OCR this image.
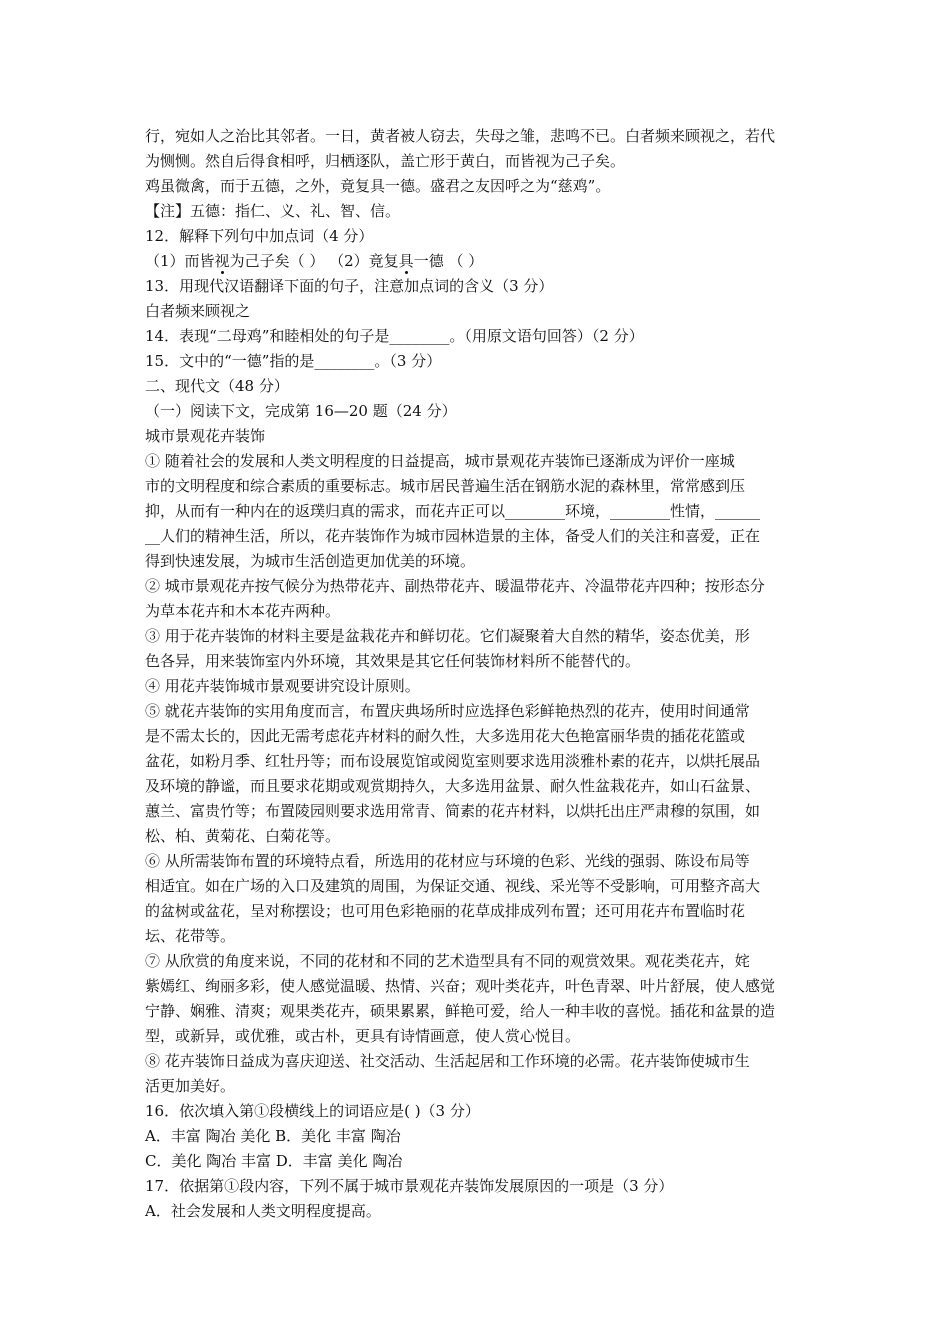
行，宛如人之治比其邻者。一日，黄者被人窃去，失母之雏，悲鸣不已。白者频来顾视之，若代
为恻恻。然自后得食相呼，归栖逐队，盖亡形于黄白，而皆视为己子矣。
鸡虽微禽，而于五德，之外，竟复具一德。盛君之友因呼之为“慈鸡”。
【注】五德：指仁、义、礼、智、信。
12．解释下列句中加点词（4 分）
（1）而皆视为己子矣（ ） （2）竟复具一德 （ ）
13．用现代汉语翻译下面的句子，注意加点词的含义（3 分）
白者频来顾视之
14．表现“二母鸡”和睦相处的句子是________。（用原文语句回答）（2 分）
15．文中的“一德”指的是________。（3 分）
二、现代文（48 分）
（一）阅读下文，完成第 16—20 题（24 分）
城市景观花卉装饰
① 随着社会的发展和人类文明程度的日益提高，城市景观花卉装饰已逐渐成为评价一座城
市的文明程度和综合素质的重要标志。城市居民普遍生活在钢筋水泥的森林里，常常感到压
抑，从而有一种内在的返璞归真的需求，而花卉正可以________环境，________性情，______
__人们的精神生活，所以，花卉装饰作为城市园林造景的主体，备受人们的关注和喜爱，正在
得到快速发展，为城市生活创造更加优美的环境。
② 城市景观花卉按气候分为热带花卉、副热带花卉、暖温带花卉、冷温带花卉四种；按形态分
为草本花卉和木本花卉两种。
③ 用于花卉装饰的材料主要是盆栽花卉和鲜切花。它们凝聚着大自然的精华，姿态优美，形
色各异，用来装饰室内外环境，其效果是其它任何装饰材料所不能替代的。
④ 用花卉装饰城市景观要讲究设计原则。
⑤ 就花卉装饰的实用角度而言，布置庆典场所时应选择色彩鲜艳热烈的花卉，使用时间通常
是不需太长的，因此无需考虑花卉材料的耐久性，大多选用花大色艳富丽华贵的插花花篮或
盆花，如粉月季、红牡丹等；而布设展览馆或阅览室则要求选用淡雅朴素的花卉，以烘托展品
及环境的静谧，而且要求花期或观赏期持久，大多选用盆景、耐久性盆栽花卉，如山石盆景、
蕙兰、富贵竹等；布置陵园则要求选用常青、简素的花卉材料，以烘托出庄严肃穆的氛围，如
松、柏、黄菊花、白菊花等。
⑥ 从所需装饰布置的环境特点看，所选用的花材应与环境的色彩、光线的强弱、陈设布局等
相适宜。如在广场的入口及建筑的周围，为保证交通、视线、采光等不受影响，可用整齐高大
的盆树或盆花，呈对称摆设；也可用色彩艳丽的花草成排成列布置；还可用花卉布置临时花
坛、花带等。
⑦ 从欣赏的角度来说，不同的花材和不同的艺术造型具有不同的观赏效果。观花类花卉，姹
紫嫣红、绚丽多彩，使人感觉温暖、热情、兴奋；观叶类花卉，叶色青翠、叶片舒展，使人感觉
宁静、娴雅、清爽；观果类花卉，硕果累累，鲜艳可爱，给人一种丰收的喜悦。插花和盆景的造
型，或新异，或优雅，或古朴，更具有诗情画意，使人赏心悦目。
⑧ 花卉装饰日益成为喜庆迎送、社交活动、生活起居和工作环境的必需。花卉装饰使城市生
活更加美好。
16．依次填入第①段横线上的词语应是( )（3 分）
A．丰富 陶冶 美化 B．美化 丰富 陶冶
C．美化 陶冶 丰富 D．丰富 美化 陶冶
17．依据第①段内容，下列不属于城市景观花卉装饰发展原因的一项是（3 分）
A．社会发展和人类文明程度提高。
